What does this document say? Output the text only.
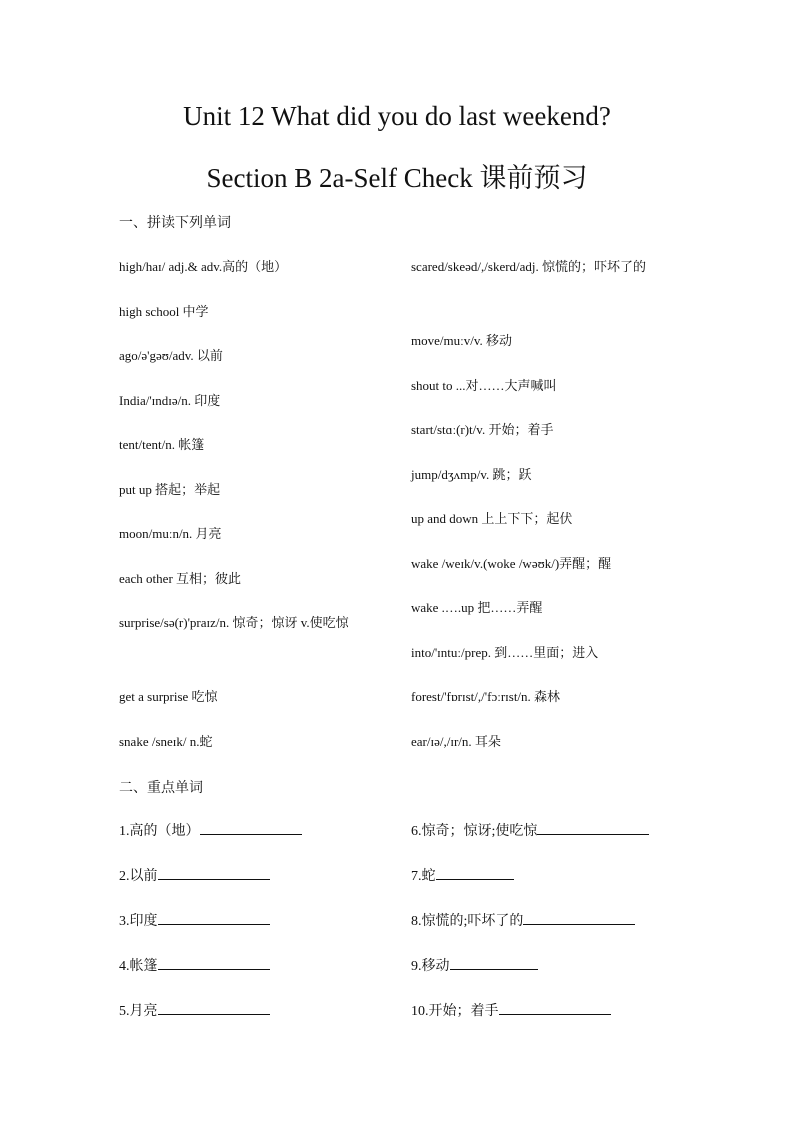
Unit 12 What did you do last weekend?
Section B 2a-Self Check 课前预习
一、拼读下列单词
high/haɪ/ adj.& adv.高的（地）
high school 中学
ago/ə'gəʊ/adv. 以前
India/'ɪndɪə/n. 印度
tent/tent/n. 帐篷
put up 搭起；举起
moon/muːn/n. 月亮
each other 互相；彼此
surprise/sə(r)'praɪz/n. 惊奇；惊讶 v.使吃惊
get a surprise 吃惊
snake /sneɪk/ n.蛇
scared/skeəd/,/skerd/adj. 惊慌的；吓坏了的
move/muːv/v. 移动
shout to ...对……大声喊叫
start/stɑː(r)t/v. 开始；着手
jump/dʒʌmp/v. 跳；跃
up and down 上上下下；起伏
wake /weɪk/v.(woke /wəʊk/)弄醒；醒
wake .….up 把……弄醒
into/'ɪntuː/prep. 到……里面；进入
forest/'fɒrɪst/,/'fɔːrɪst/n. 森林
ear/ɪə/,/ɪr/n. 耳朵
二、重点单词
1.高的（地）
2.以前
3.印度
4.帐篷
5.月亮
6.惊奇；惊讶;使吃惊
7.蛇
8.惊慌的;吓坏了的
9.移动
10.开始；着手
